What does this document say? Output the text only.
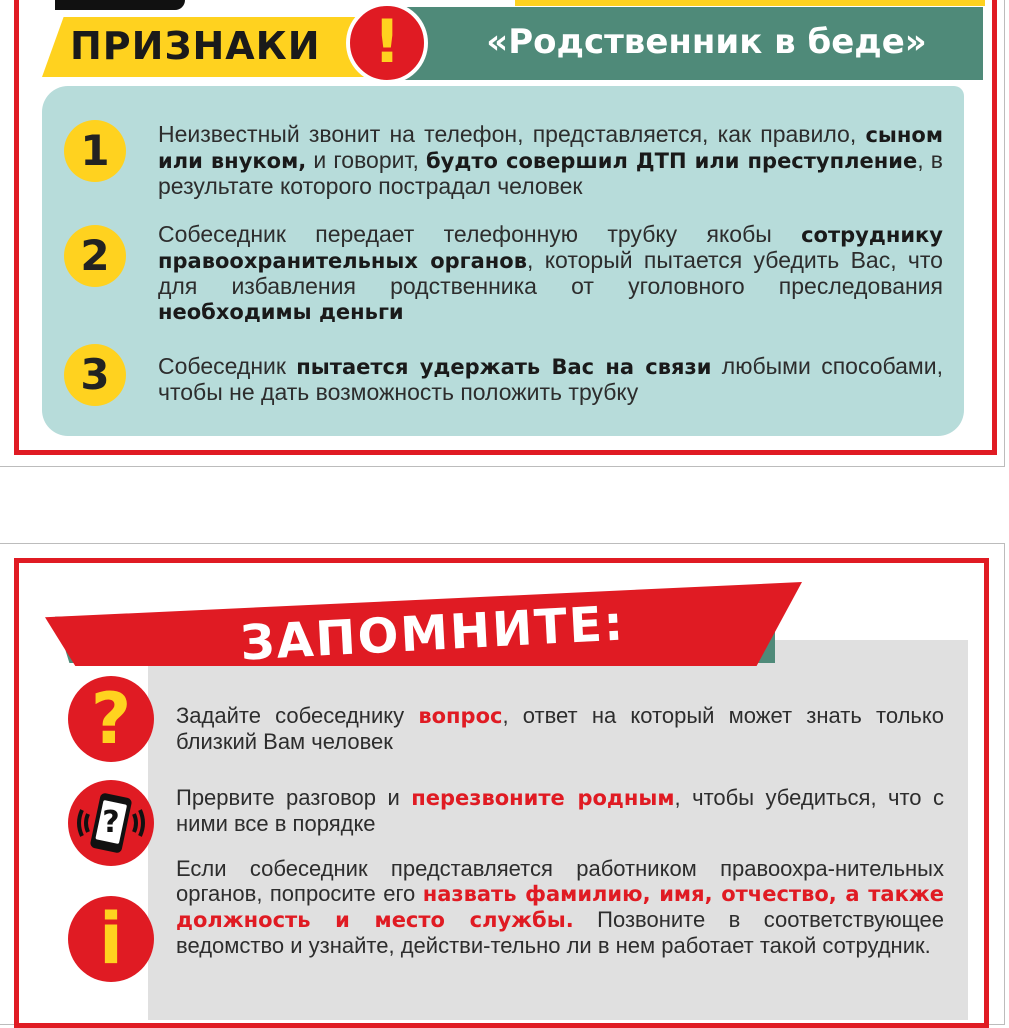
«Родственник в беде»
ПРИЗНАКИ !
1	Неизвестный звонит на телефон, представляется, как правило, сыном или внуком, и говорит, будто совершил ДТП или преступление, в результате которого пострадал человек
2	Собеседник передает телефонную трубку якобы сотруднику правоохранительных органов, который пытается убедить Вас, что для избавления родственника от уголовного преследования необходимы деньги
3	Собеседник пытается удержать Вас на связи любыми способами, чтобы не дать возможность положить трубку
ЗАПОМНИТЕ:
?	Задайте собеседнику вопрос, ответ на который может знать только близкий Вам человек
?
Прервите разговор и перезвоните родным, чтобы убедиться, что с ними все в порядке
i
Если собеседник представляется работником правоохра-нительных органов, попросите его назвать фамилию, имя, отчество, а также должность и место службы. Позвоните в соответствующее ведомство и узнайте, действи-тельно ли в нем работает такой сотрудник.
